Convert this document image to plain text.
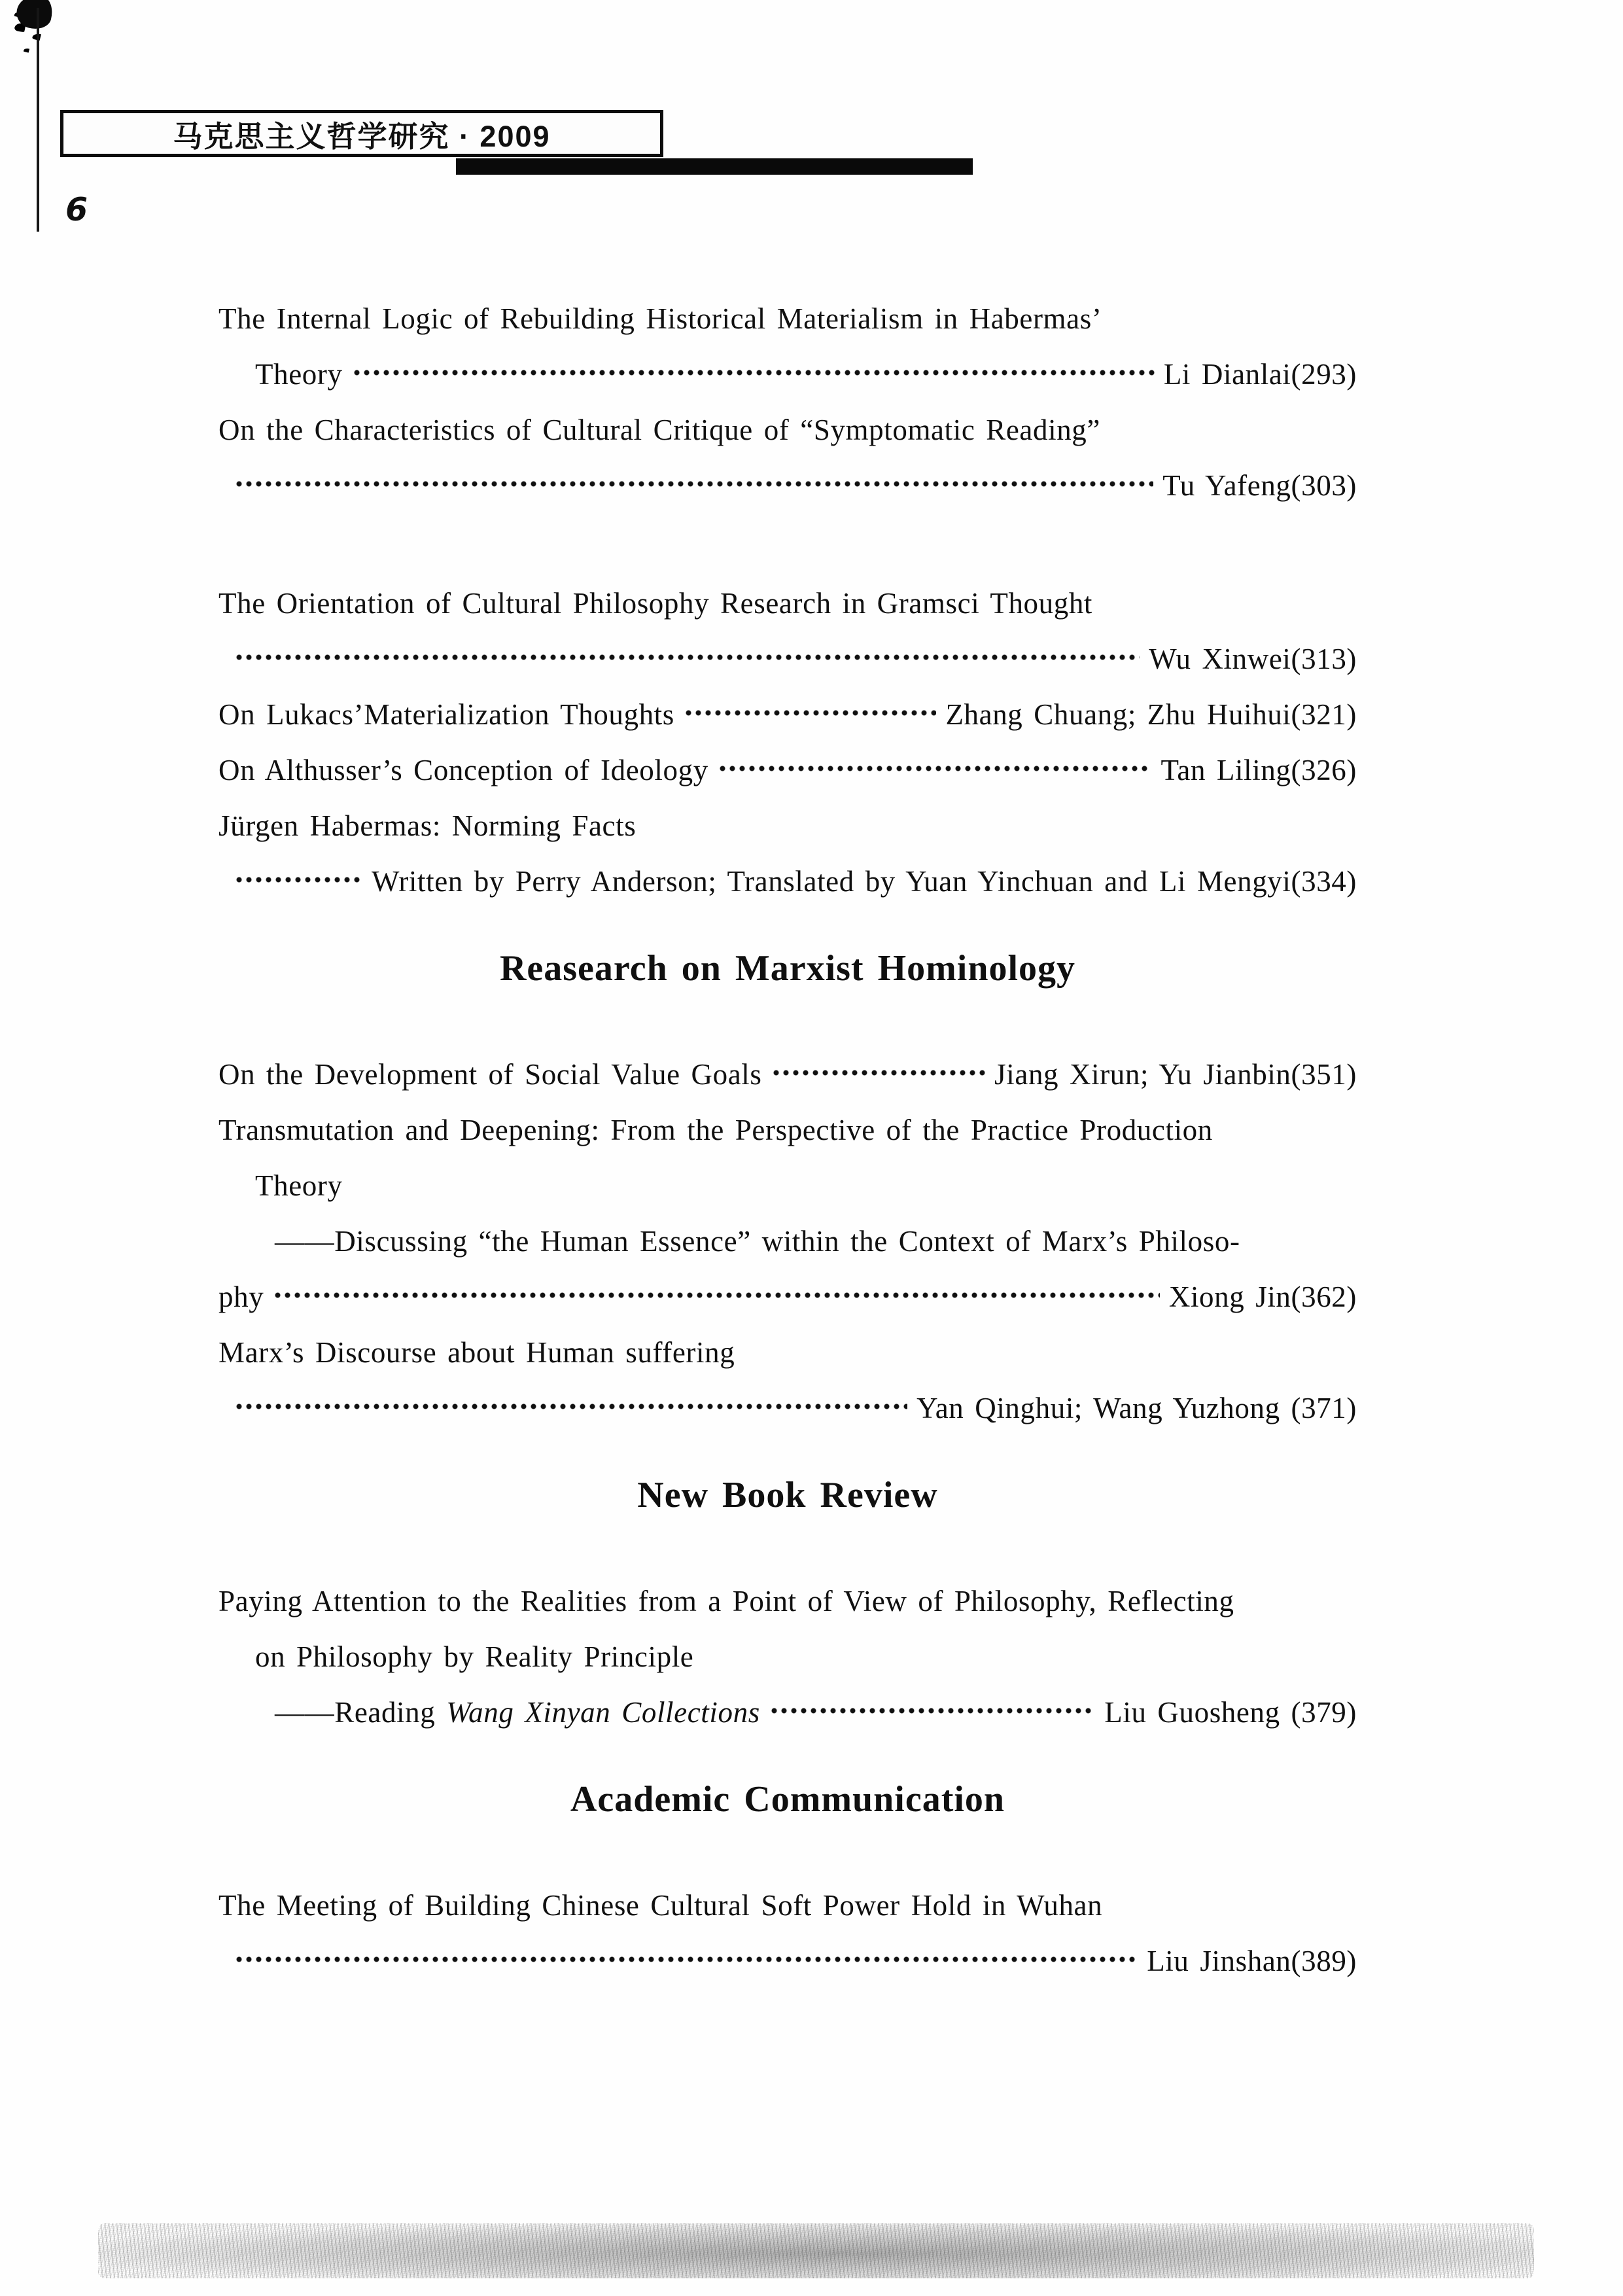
马克思主义哲学研究 · 2009
6
The Internal Logic of Rebuilding Historical Materialism in Habermas’
Theory	Li Dianlai(293)
On the Characteristics of Cultural Critique of “Symptomatic Reading”
Tu Yafeng(303)
The Orientation of Cultural Philosophy Research in Gramsci Thought
Wu Xinwei(313)
On Lukacs’Materialization Thoughts	Zhang Chuang; Zhu Huihui(321)
On Althusser’s Conception of Ideology	Tan Liling(326)
Jürgen Habermas: Norming Facts
Written by Perry Anderson; Translated by Yuan Yinchuan and Li Mengyi(334)
Reasearch on Marxist Hominology
On the Development of Social Value Goals	Jiang Xirun; Yu Jianbin(351)
Transmutation and Deepening: From the Perspective of the Practice Production
Theory
——Discussing “the Human Essence” within the Context of Marx’s Philoso-
phy	Xiong Jin(362)
Marx’s Discourse about Human suffering
Yan Qinghui; Wang Yuzhong (371)
New Book Review
Paying Attention to the Realities from a Point of View of Philosophy, Reflecting
on Philosophy by Reality Principle
——Reading Wang Xinyan Collections	Liu Guosheng (379)
Academic Communication
The Meeting of Building Chinese Cultural Soft Power Hold in Wuhan
Liu Jinshan(389)
